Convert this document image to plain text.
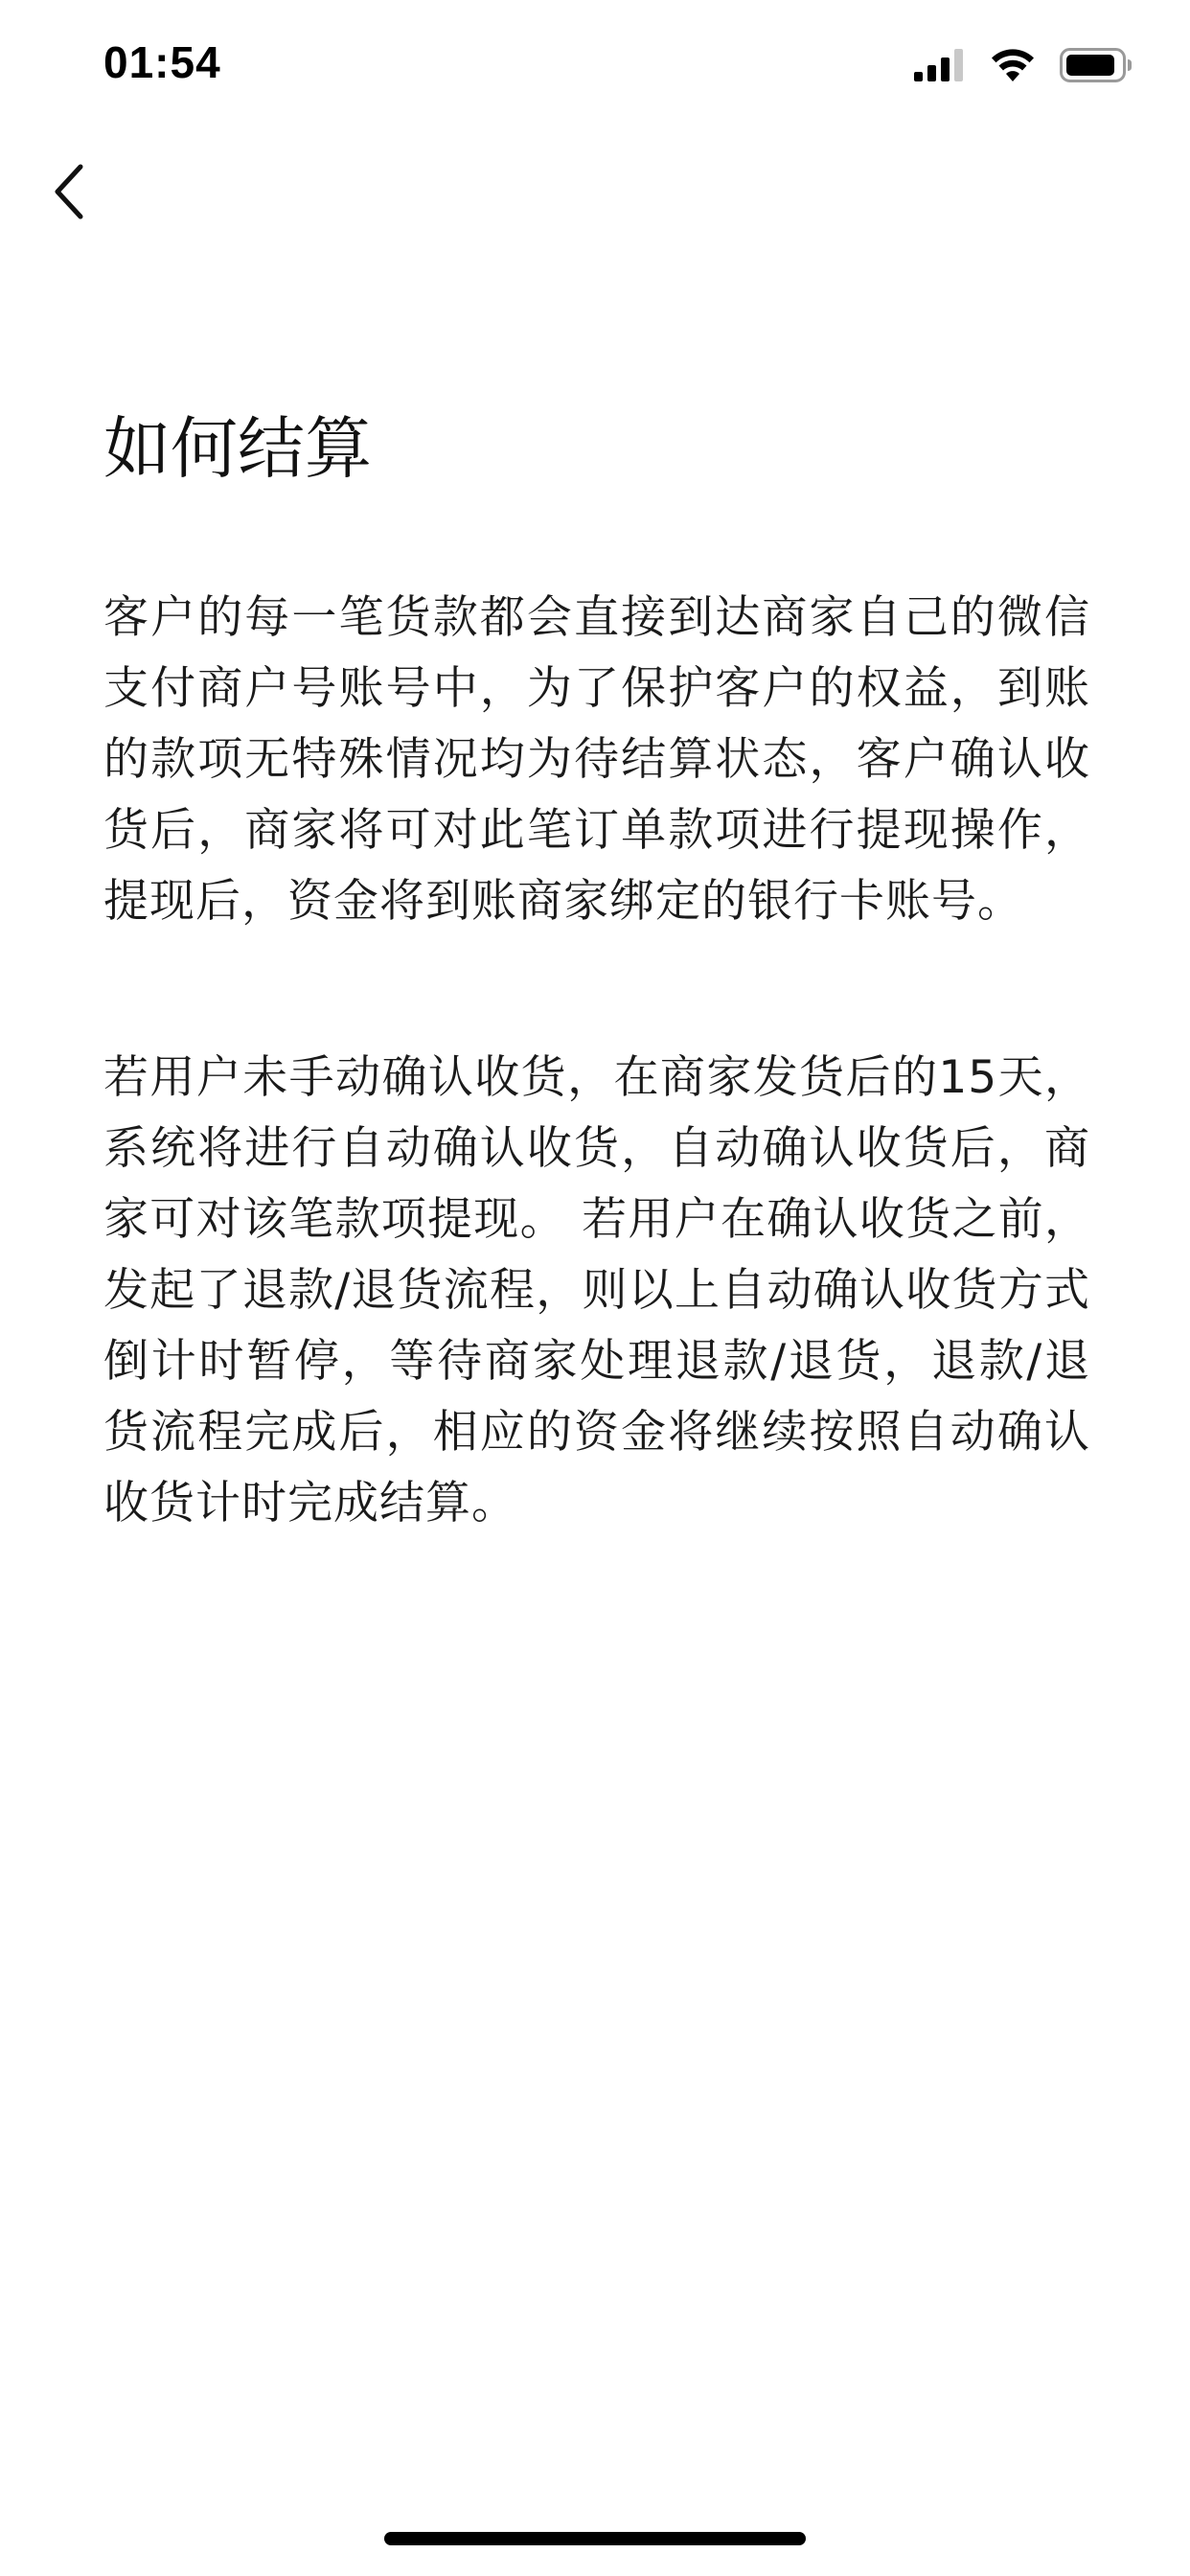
01:54
如何结算

客户的每一笔货款都会直接到达商家自己的微信支付商户号账号中，为了保护客户的权益，到账的款项无特殊情况均为待结算状态，客户确认收货后，商家将可对此笔订单款项进行提现操作，提现后，资金将到账商家绑定的银行卡账号。

若用户未手动确认收货，在商家发货后的15天，系统将进行自动确认收货，自动确认收货后，商家可对该笔款项提现。 若用户在确认收货之前，发起了退款/退货流程，则以上自动确认收货方式倒计时暂停，等待商家处理退款/退货，退款/退货流程完成后，相应的资金将继续按照自动确认收货计时完成结算。
